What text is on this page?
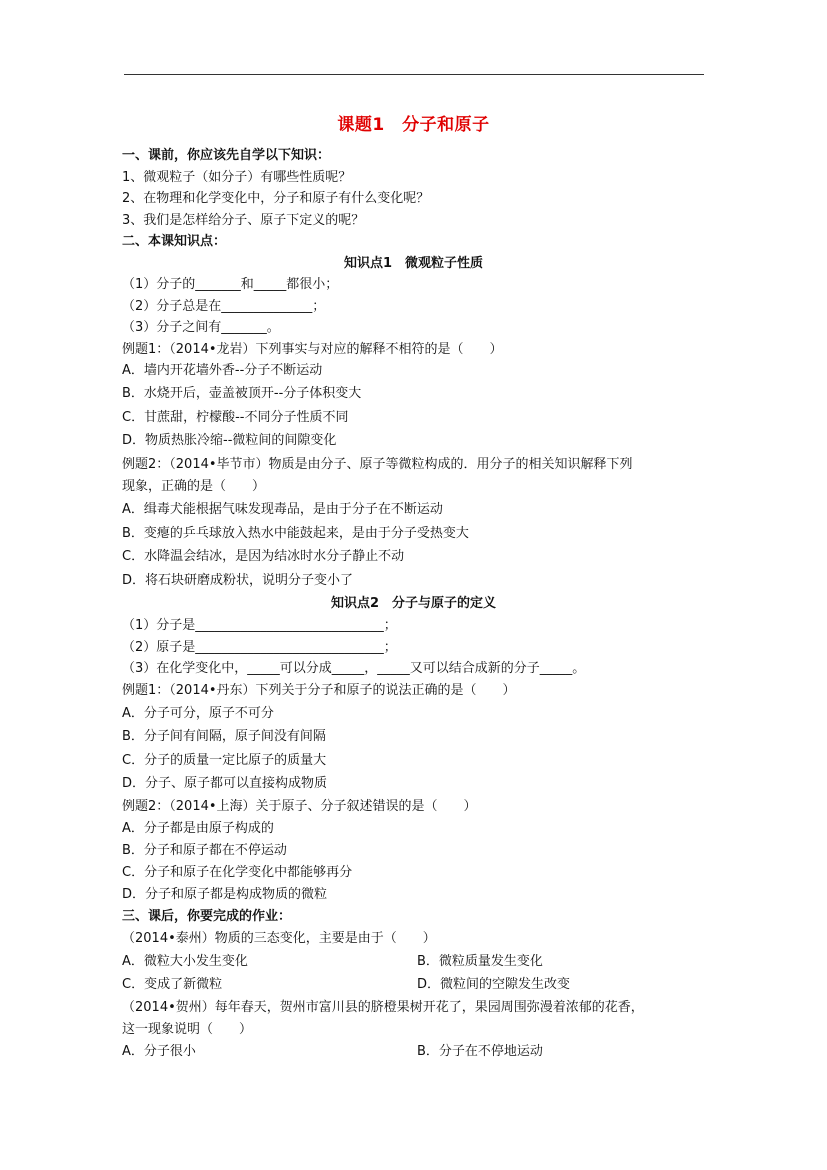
课题1　分子和原子
一、课前，你应该先自学以下知识：
1、微观粒子（如分子）有哪些性质呢？
2、在物理和化学变化中，分子和原子有什么变化呢？
3、我们是怎样给分子、原子下定义的呢？
二、本课知识点：
知识点1　微观粒子性质
（1）分子的_______和_____都很小；
（2）分子总是在______________；
（3）分子之间有_______。
例题1：（2014•龙岩）下列事实与对应的解释不相符的是（　　）
A．墙内开花墙外香--分子不断运动
B．水烧开后，壶盖被顶开--分子体积变大
C．甘蔗甜，柠檬酸--不同分子性质不同
D．物质热胀冷缩--微粒间的间隙变化
例题2：（2014•毕节市）物质是由分子、原子等微粒构成的．用分子的相关知识解释下列
现象，正确的是（　　）
A．缉毒犬能根据气味发现毒品，是由于分子在不断运动
B．变瘪的乒乓球放入热水中能鼓起来，是由于分子受热变大
C．水降温会结冰，是因为结冰时水分子静止不动
D．将石块研磨成粉状，说明分子变小了
知识点2　分子与原子的定义
（1）分子是_____________________________；
（2）原子是_____________________________；
（3）在化学变化中，_____可以分成_____，_____又可以结合成新的分子_____。
例题1：（2014•丹东）下列关于分子和原子的说法正确的是（　　）
A．分子可分，原子不可分
B．分子间有间隔，原子间没有间隔
C．分子的质量一定比原子的质量大
D．分子、原子都可以直接构成物质
例题2：（2014•上海）关于原子、分子叙述错误的是（　　）
A．分子都是由原子构成的
B．分子和原子都在不停运动
C．分子和原子在化学变化中都能够再分
D．分子和原子都是构成物质的微粒
三、课后，你要完成的作业：
（2014•泰州）物质的三态变化，主要是由于（　　）
A．微粒大小发生变化	B．微粒质量发生变化
C．变成了新微粒	D．微粒间的空隙发生改变
（2014•贺州）每年春天，贺州市富川县的脐橙果树开花了，果园周围弥漫着浓郁的花香，
这一现象说明（　　）
A．分子很小	B．分子在不停地运动
